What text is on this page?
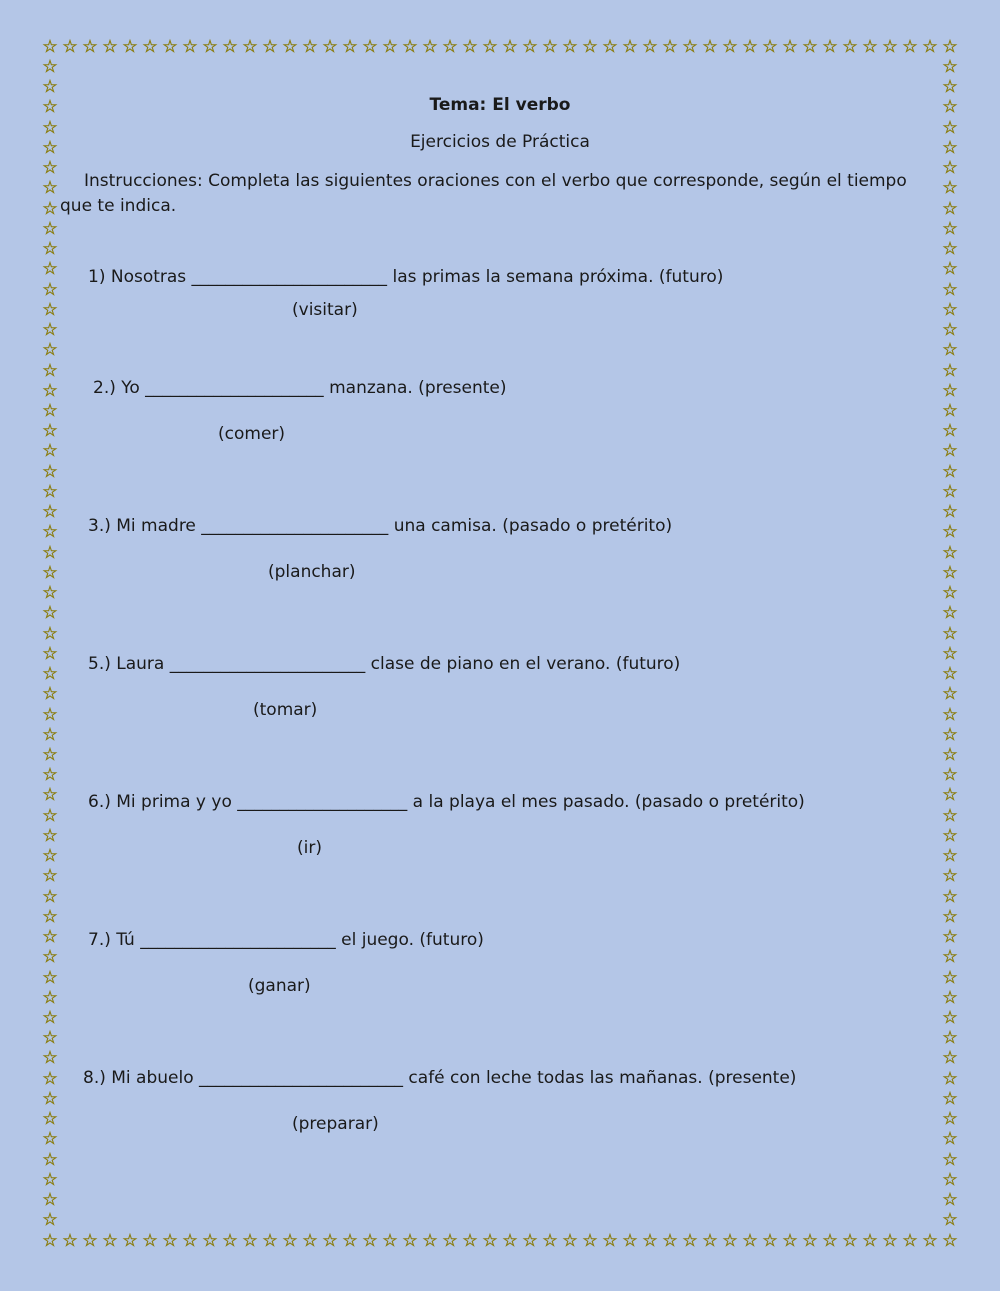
☆ ☆ ☆ ☆ ☆ ☆ ☆ ☆ ☆ ☆ ☆ ☆ ☆ ☆ ☆ ☆ ☆ ☆ ☆ ☆ ☆ ☆ ☆ ☆ ☆ ☆ ☆ ☆ ☆ ☆ ☆ ☆ ☆ ☆ ☆ ☆ ☆ ☆ ☆ ☆ ☆ ☆ ☆ ☆ ☆ ☆
☆ ☆ ☆ ☆ ☆ ☆ ☆ ☆ ☆ ☆ ☆ ☆ ☆ ☆ ☆ ☆ ☆ ☆ ☆ ☆ ☆ ☆ ☆ ☆ ☆ ☆ ☆ ☆ ☆ ☆ ☆ ☆ ☆ ☆ ☆ ☆ ☆ ☆ ☆ ☆ ☆ ☆ ☆ ☆ ☆ ☆
☆
☆
☆
☆
☆
☆
☆
☆
☆
☆
☆
☆
☆
☆
☆
☆
☆
☆
☆
☆
☆
☆
☆
☆
☆
☆
☆
☆
☆
☆
☆
☆
☆
☆
☆
☆
☆
☆
☆
☆
☆
☆
☆
☆
☆
☆
☆
☆
☆
☆
☆
☆
☆
☆
☆
☆
☆
☆
☆
☆
☆
☆
☆
☆
☆
☆
☆
☆
☆
☆
☆
☆
☆
☆
☆
☆
☆
☆
☆
☆
☆
☆
☆
☆
☆
☆
☆
☆
☆
☆
☆
☆
☆
☆
☆
☆
☆
☆
☆
☆
☆
☆
☆
☆
☆
☆
☆
☆
☆
☆
☆
☆
☆
☆
☆
☆
Tema: El verbo
Ejercicios de Práctica
Instrucciones: Completa las siguientes oraciones con el verbo que corresponde, según el tiempo que te indica.
1) Nosotras _______________________ las primas la semana próxima. (futuro)
(visitar)
2.) Yo _____________________ manzana. (presente)
(comer)
3.) Mi madre ______________________ una camisa. (pasado o pretérito)
(planchar)
5.) Laura _______________________ clase de piano en el verano. (futuro)
(tomar)
6.) Mi prima y yo ____________________ a la playa el mes pasado. (pasado o pretérito)
(ir)
7.) Tú _______________________ el juego. (futuro)
(ganar)
8.) Mi abuelo ________________________ café con leche todas las mañanas. (presente)
(preparar)
